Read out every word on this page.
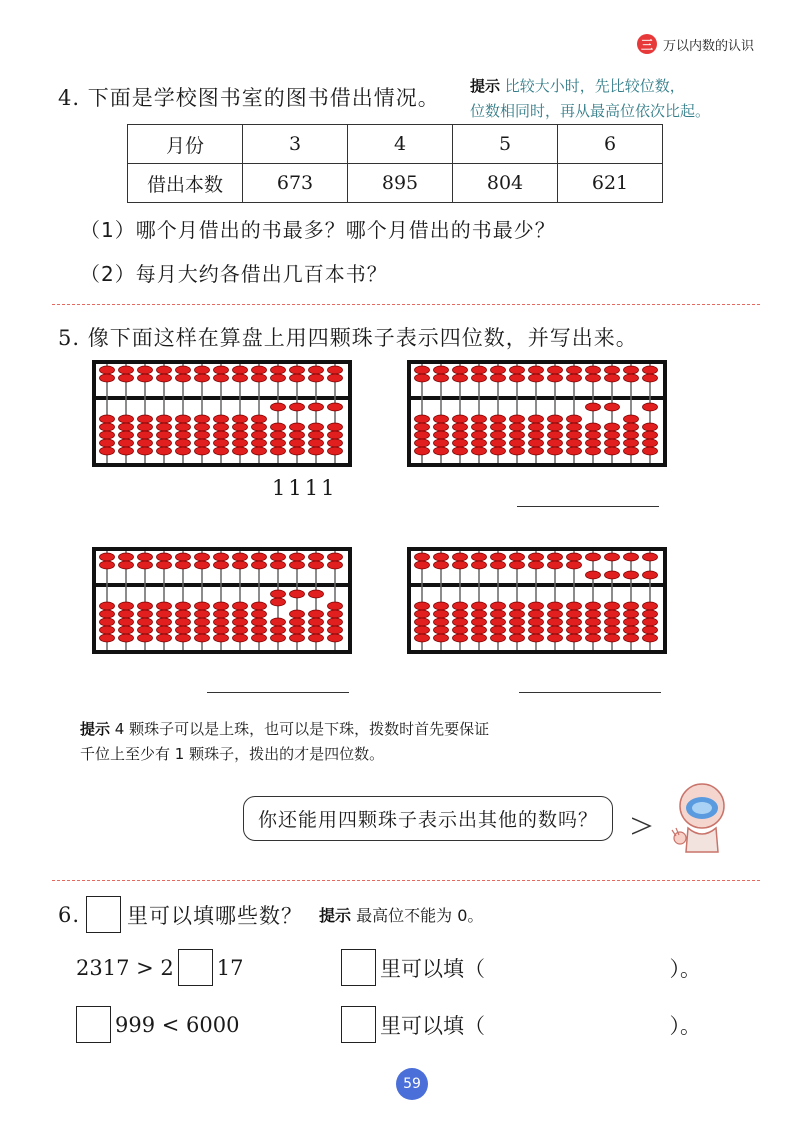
三 万以内数的认识
4. 下面是学校图书室的图书借出情况。 提示 比较大小时，先比较位数，
位数相同时，再从最高位依次比起。
月份	3	4	5	6
借出本数	673	895	804	621
（1）哪个月借出的书最多？哪个月借出的书最少？
（2）每月大约各借出几百本书？
5. 像下面这样在算盘上用四颗珠子表示四位数，并写出来。
1111
提示 4 颗珠子可以是上珠，也可以是下珠，拨数时首先要保证
千位上至少有 1 颗珠子，拨出的才是四位数。
你还能用四颗珠子表示出其他的数吗？
6. 里可以填哪些数？ 提示 最高位不能为 0。
2317 > 2 17	里可以填（	）。
999 < 6000	里可以填（	）。
59
